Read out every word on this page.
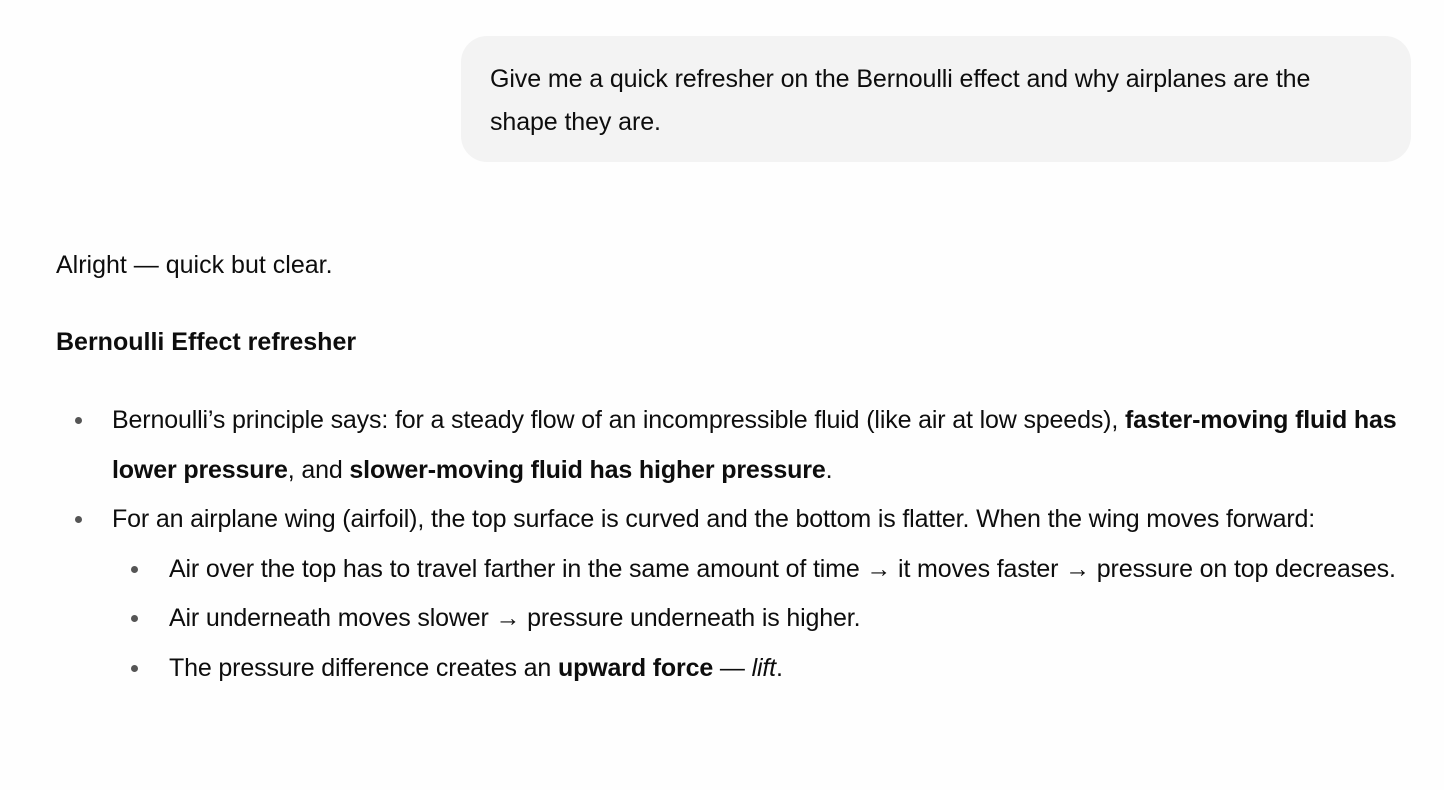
Give me a quick refresher on the Bernoulli effect and why airplanes are the shape they are.

Alright — quick but clear.

Bernoulli Effect refresher

Bernoulli’s principle says: for a steady flow of an incompressible fluid (like air at low speeds), faster-moving fluid has lower pressure, and slower-moving fluid has higher pressure.
For an airplane wing (airfoil), the top surface is curved and the bottom is flatter. When the wing moves forward:
Air over the top has to travel farther in the same amount of time → it moves faster → pressure on top decreases.
Air underneath moves slower → pressure underneath is higher.
The pressure difference creates an upward force — lift.
